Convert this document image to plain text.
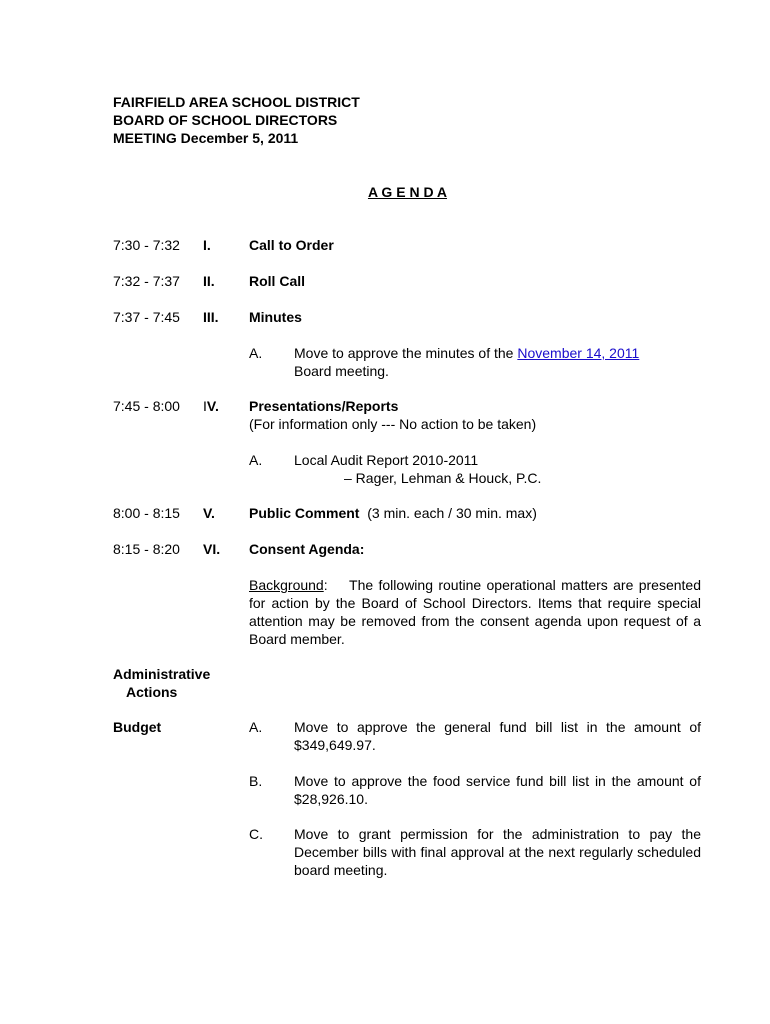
FAIRFIELD AREA SCHOOL DISTRICT
BOARD OF SCHOOL DIRECTORS
MEETING December 5, 2011
A G E N D A
7:30 - 7:32 I.	Call to Order
7:32 - 7:37 II. Roll Call
7:37 - 7:45 III. Minutes
A. Move to approve the minutes of the November 14, 2011
Board meeting.
7:45 - 8:00 IV. Presentations/Reports
(For information only --- No action to be taken)
A. Local Audit Report 2010-2011
– Rager, Lehman & Houck, P.C.
8:00 - 8:15 V. Public Comment (3 min. each / 30 min. max)
8:15 - 8:20 VI. Consent Agenda:
Background: The following routine operational matters are presented for action by the Board of School Directors. Items that require special attention may be removed from the consent agenda upon request of a Board member.
Administrative
Actions
Budget	A. Move to approve the general fund bill list in the amount of $349,649.97.
B. Move to approve the food service fund bill list in the amount of $28,926.10.
C. Move to grant permission for the administration to pay the December bills with final approval at the next regularly scheduled board meeting.
